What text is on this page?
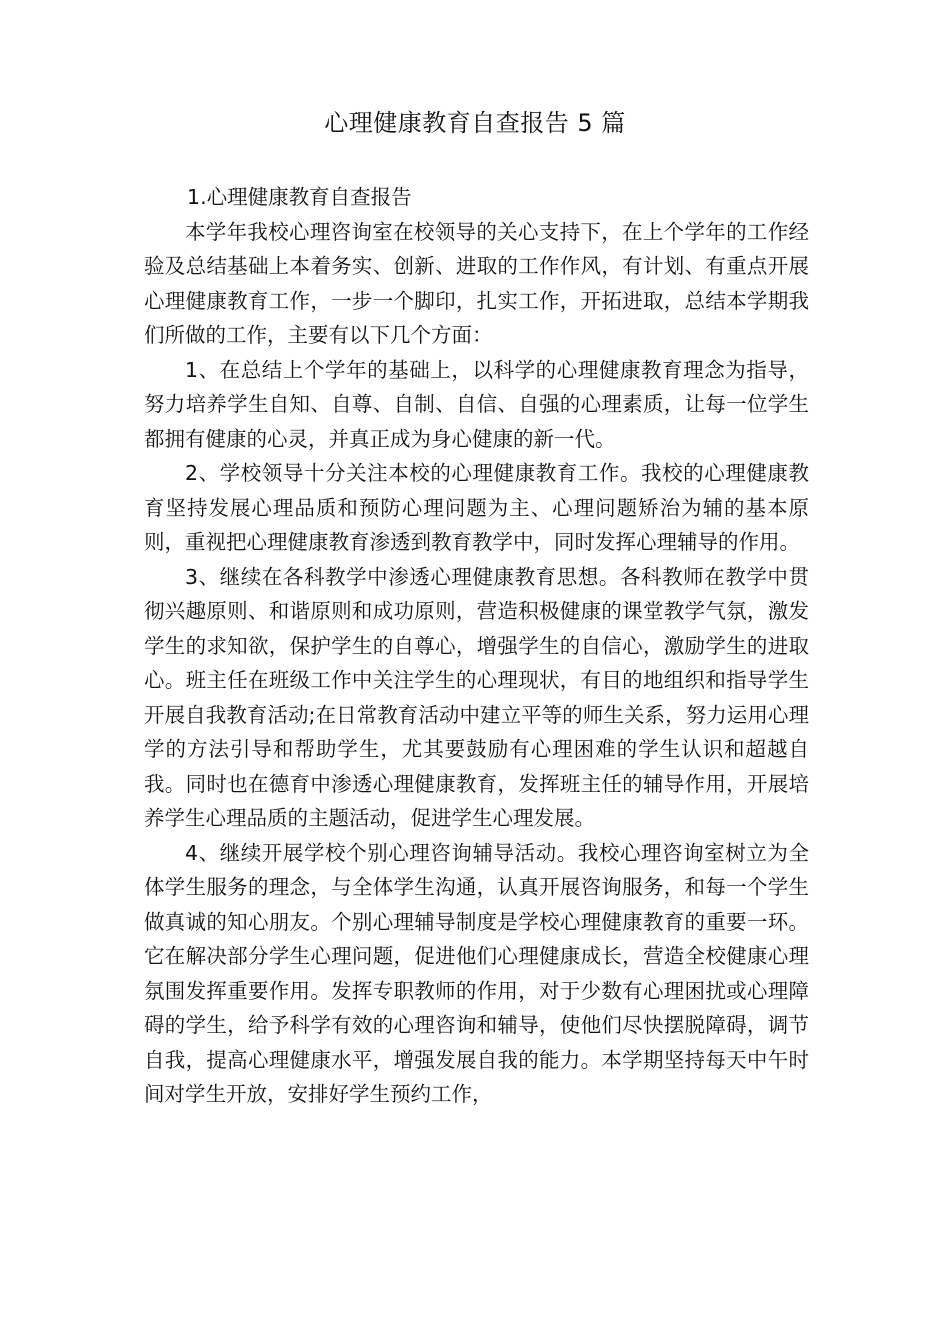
心理健康教育自查报告 5 篇

1.心理健康教育自查报告

本学年我校心理咨询室在校领导的关心支持下，在上个学年的工作经验及总结基础上本着务实、创新、进取的工作作风，有计划、有重点开展心理健康教育工作，一步一个脚印，扎实工作，开拓进取，总结本学期我们所做的工作，主要有以下几个方面：

1、在总结上个学年的基础上，以科学的心理健康教育理念为指导，努力培养学生自知、自尊、自制、自信、自强的心理素质，让每一位学生都拥有健康的心灵，并真正成为身心健康的新一代。

2、学校领导十分关注本校的心理健康教育工作。我校的心理健康教育坚持发展心理品质和预防心理问题为主、心理问题矫治为辅的基本原则，重视把心理健康教育渗透到教育教学中，同时发挥心理辅导的作用。

3、继续在各科教学中渗透心理健康教育思想。各科教师在教学中贯彻兴趣原则、和谐原则和成功原则，营造积极健康的课堂教学气氛，激发学生的求知欲，保护学生的自尊心，增强学生的自信心，激励学生的进取心。班主任在班级工作中关注学生的心理现状，有目的地组织和指导学生开展自我教育活动;在日常教育活动中建立平等的师生关系，努力运用心理学的方法引导和帮助学生，尤其要鼓励有心理困难的学生认识和超越自我。同时也在德育中渗透心理健康教育，发挥班主任的辅导作用，开展培养学生心理品质的主题活动，促进学生心理发展。

4、继续开展学校个别心理咨询辅导活动。我校心理咨询室树立为全体学生服务的理念，与全体学生沟通，认真开展咨询服务，和每一个学生做真诚的知心朋友。个别心理辅导制度是学校心理健康教育的重要一环。它在解决部分学生心理问题，促进他们心理健康成长，营造全校健康心理氛围发挥重要作用。发挥专职教师的作用，对于少数有心理困扰或心理障碍的学生，给予科学有效的心理咨询和辅导，使他们尽快摆脱障碍，调节自我，提高心理健康水平，增强发展自我的能力。本学期坚持每天中午时间对学生开放，安排好学生预约工作，
